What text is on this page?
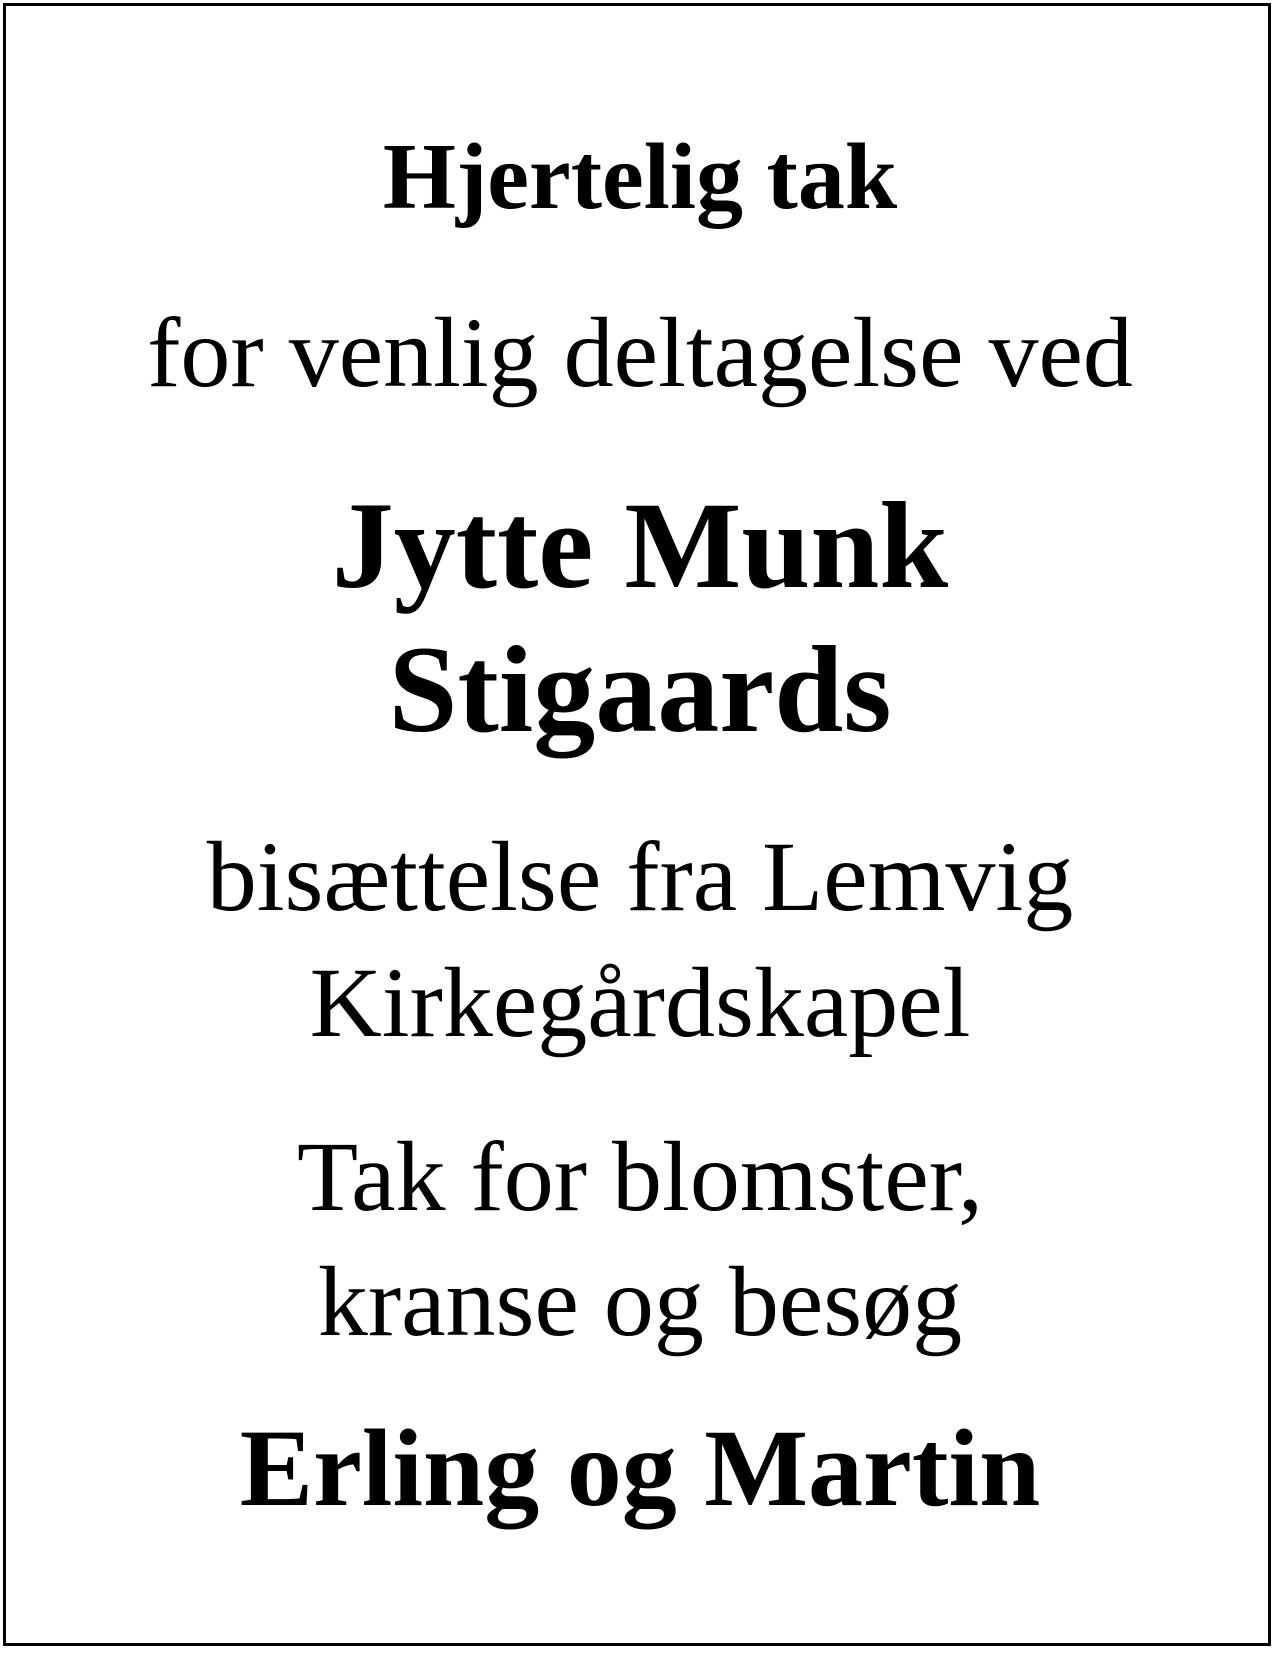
Hjertelig tak
for venlig deltagelse ved
Jytte Munk
Stigaards
bisættelse fra Lemvig
Kirkegårdskapel
Tak for blomster,
kranse og besøg
Erling og Martin
